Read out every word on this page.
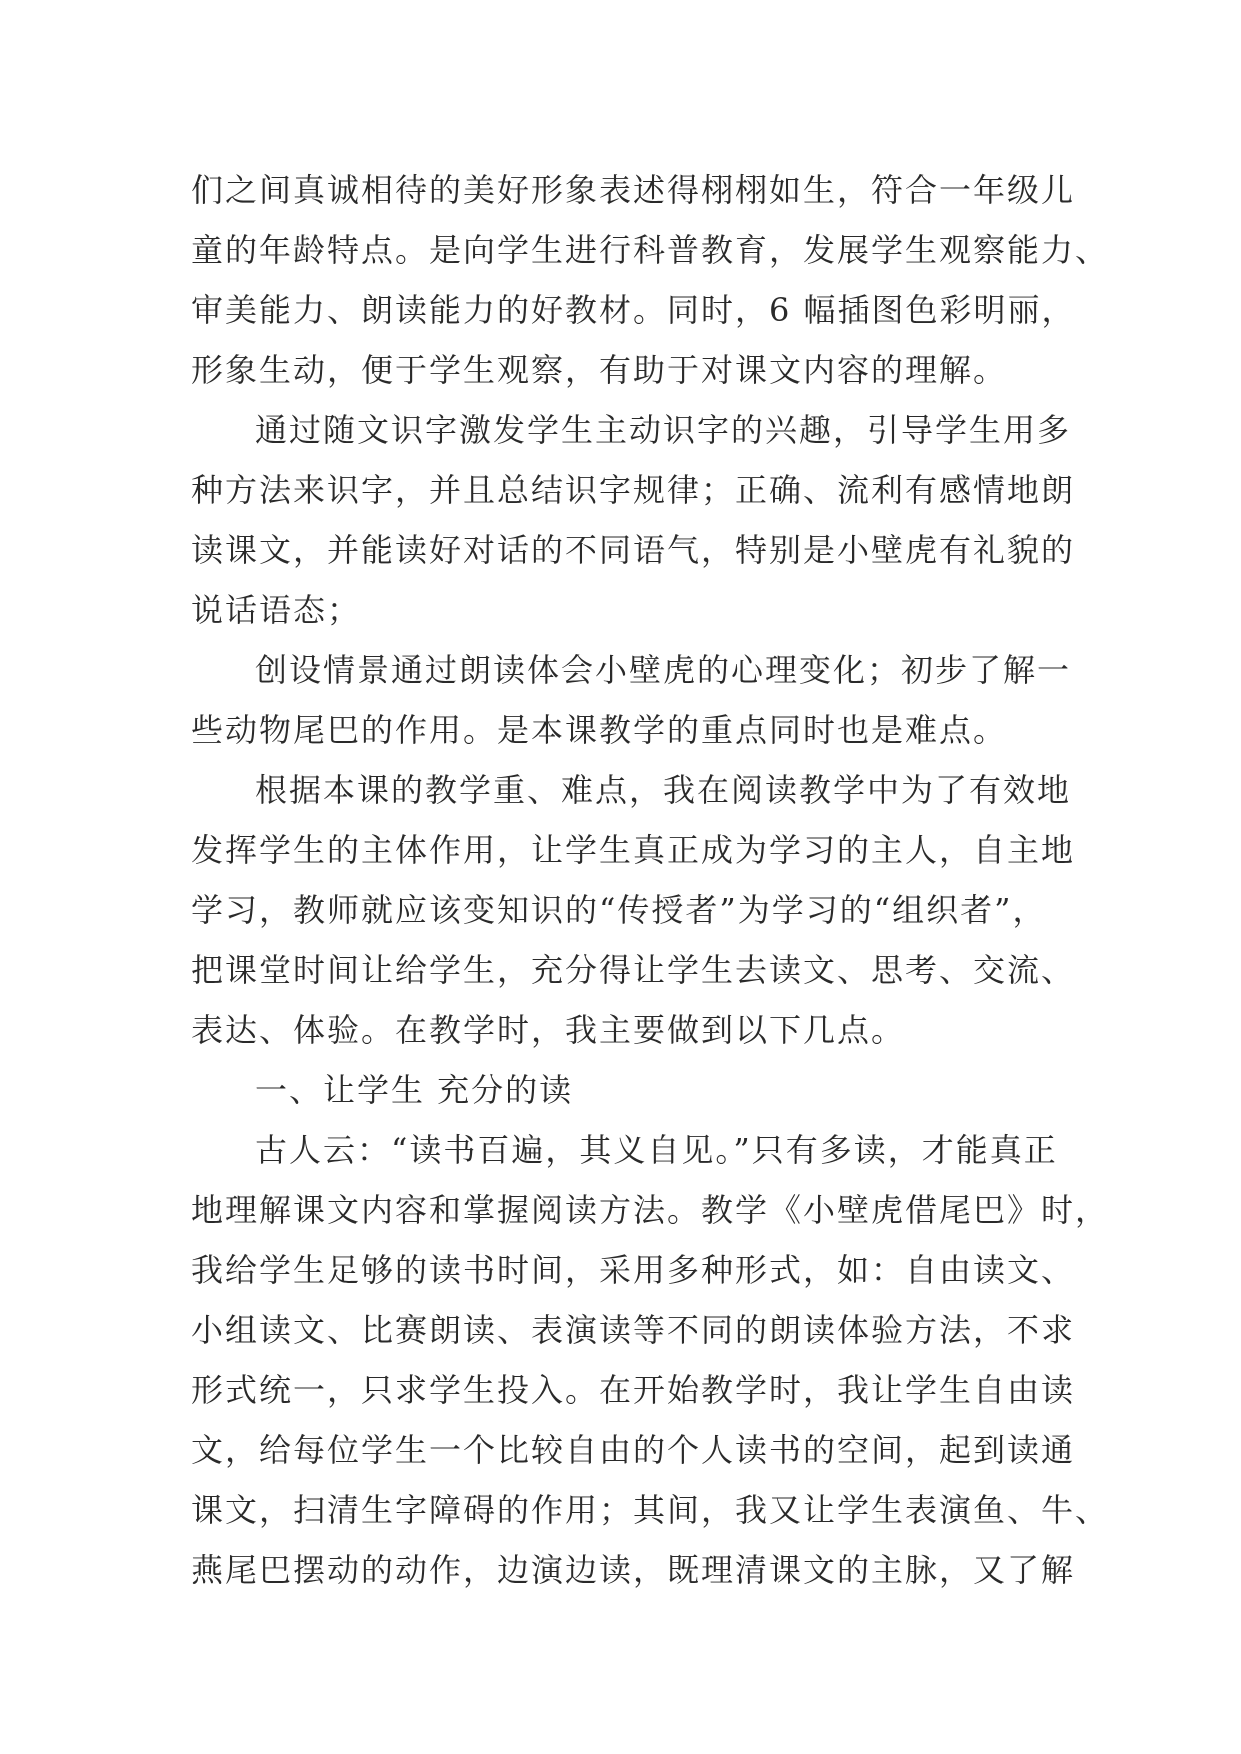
们之间真诚相待的美好形象表述得栩栩如生，符合一年级儿
童的年龄特点。是向学生进行科普教育，发展学生观察能力、
审美能力、朗读能力的好教材。同时，6 幅插图色彩明丽，
形象生动，便于学生观察，有助于对课文内容的理解。
通过随文识字激发学生主动识字的兴趣，引导学生用多
种方法来识字，并且总结识字规律；正确、流利有感情地朗
读课文，并能读好对话的不同语气，特别是小壁虎有礼貌的
说话语态；
创设情景通过朗读体会小壁虎的心理变化；初步了解一
些动物尾巴的作用。是本课教学的重点同时也是难点。
根据本课的教学重、难点，我在阅读教学中为了有效地
发挥学生的主体作用，让学生真正成为学习的主人，自主地
学习，教师就应该变知识的“传授者”为学习的“组织者”，
把课堂时间让给学生，充分得让学生去读文、思考、交流、
表达、体验。在教学时，我主要做到以下几点。
一、让学生 充分的读
古人云：“读书百遍，其义自见。”只有多读，才能真正
地理解课文内容和掌握阅读方法。教学《小壁虎借尾巴》时，
我给学生足够的读书时间，采用多种形式，如：自由读文、
小组读文、比赛朗读、表演读等不同的朗读体验方法，不求
形式统一，只求学生投入。在开始教学时，我让学生自由读
文，给每位学生一个比较自由的个人读书的空间，起到读通
课文，扫清生字障碍的作用；其间，我又让学生表演鱼、牛、
燕尾巴摆动的动作，边演边读，既理清课文的主脉，又了解
